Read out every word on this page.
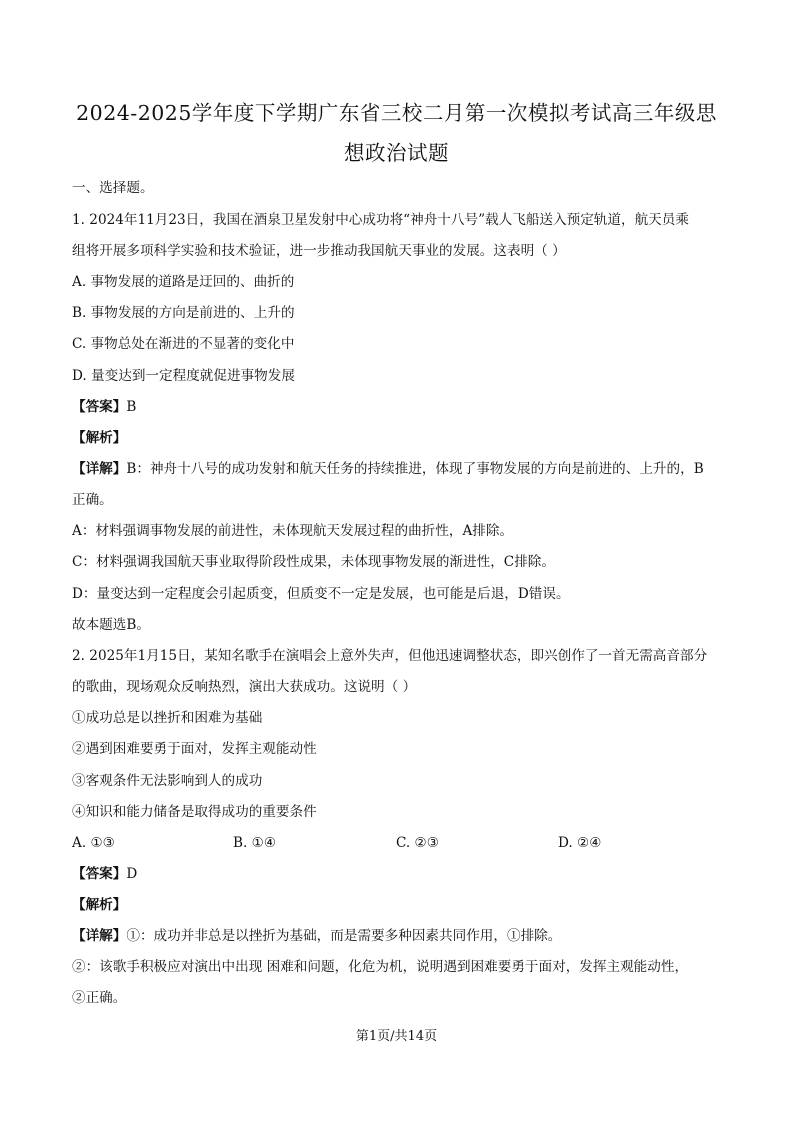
2024-2025学年度下学期广东省三校二月第一次模拟考试高三年级思
想政治试题
一、选择题。
1. 2024年11月23日，我国在酒泉卫星发射中心成功将“神舟十八号”载人飞船送入预定轨道，航天员乘
组将开展多项科学实验和技术验证，进一步推动我国航天事业的发展。这表明（ ）
A. 事物发展的道路是迂回的、曲折的
B. 事物发展的方向是前进的、上升的
C. 事物总处在渐进的不显著的变化中
D. 量变达到一定程度就促进事物发展
【答案】B
【解析】
【详解】B：神舟十八号的成功发射和航天任务的持续推进，体现了事物发展的方向是前进的、上升的，B
正确。
A：材料强调事物发展的前进性，未体现航天发展过程的曲折性，A排除。
C：材料强调我国航天事业取得阶段性成果，未体现事物发展的渐进性，C排除。
D：量变达到一定程度会引起质变，但质变不一定是发展，也可能是后退，D错误。
故本题选B。
2. 2025年1月15日，某知名歌手在演唱会上意外失声，但他迅速调整状态，即兴创作了一首无需高音部分
的歌曲，现场观众反响热烈，演出大获成功。这说明（ ）
①成功总是以挫折和困难为基础
②遇到困难要勇于面对，发挥主观能动性
③客观条件无法影响到人的成功
④知识和能力储备是取得成功的重要条件
A. ①③	B. ①④	C. ②③	D. ②④
【答案】D
【解析】
【详解】①：成功并非总是以挫折为基础，而是需要多种因素共同作用，①排除。
②：该歌手积极应对演出中出现 困难和问题，化危为机，说明遇到困难要勇于面对，发挥主观能动性，
②正确。
第1页/共14页
